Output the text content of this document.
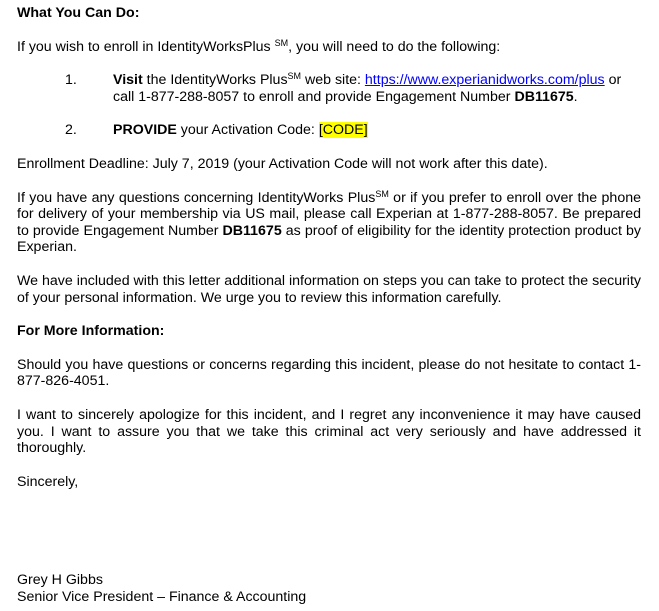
What You Can Do:

If you wish to enroll in IdentityWorksPlus ℠, you will need to do the following:

1.	Visit the IdentityWorks Plus℠ web site: https://www.experianidworks.com/plus or call 1-877-288-8057 to enroll and provide Engagement Number DB11675.
2.	PROVIDE your Activation Code: [CODE]

Enrollment Deadline: July 7, 2019 (your Activation Code will not work after this date).

If you have any questions concerning IdentityWorks Plus℠ or if you prefer to enroll over the phone for delivery of your membership via US mail, please call Experian at 1-877-288-8057. Be prepared to provide Engagement Number DB11675 as proof of eligibility for the identity protection product by Experian.

We have included with this letter additional information on steps you can take to protect the security of your personal information. We urge you to review this information carefully.

For More Information:

Should you have questions or concerns regarding this incident, please do not hesitate to contact 1-877-826-4051.

I want to sincerely apologize for this incident, and I regret any inconvenience it may have caused you. I want to assure you that we take this criminal act very seriously and have addressed it thoroughly.

Sincerely,

Grey H Gibbs

Senior Vice President – Finance & Accounting
